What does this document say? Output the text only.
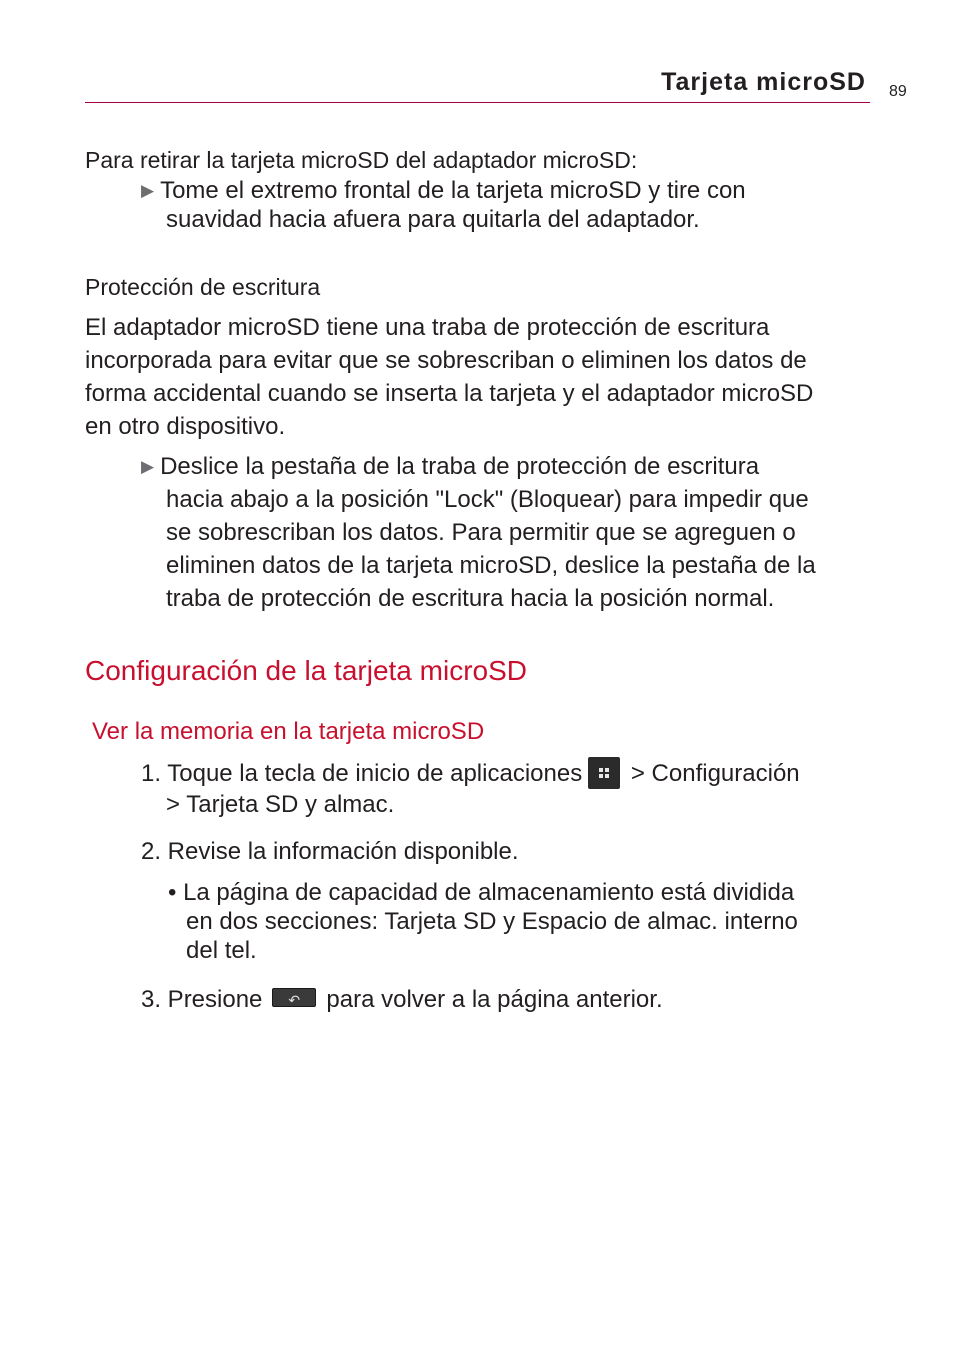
Tarjeta microSD 89
Para retirar la tarjeta microSD del adaptador microSD:
▶ Tome el extremo frontal de la tarjeta microSD y tire con
suavidad hacia afuera para quitarla del adaptador.
Protección de escritura
El adaptador microSD tiene una traba de protección de escritura
incorporada para evitar que se sobrescriban o eliminen los datos de
forma accidental cuando se inserta la tarjeta y el adaptador microSD
en otro dispositivo.
▶ Deslice la pestaña de la traba de protección de escritura
hacia abajo a la posición "Lock" (Bloquear) para impedir que
se sobrescriban los datos. Para permitir que se agreguen o
eliminen datos de la tarjeta microSD, deslice la pestaña de la
traba de protección de escritura hacia la posición normal.
Configuración de la tarjeta microSD
Ver la memoria en la tarjeta microSD
1. Toque la tecla de inicio de aplicaciones > Configuración
> Tarjeta SD y almac.
2. Revise la información disponible.
• La página de capacidad de almacenamiento está dividida
en dos secciones: Tarjeta SD y Espacio de almac. interno
del tel.
3. Presione ↶ para volver a la página anterior.
